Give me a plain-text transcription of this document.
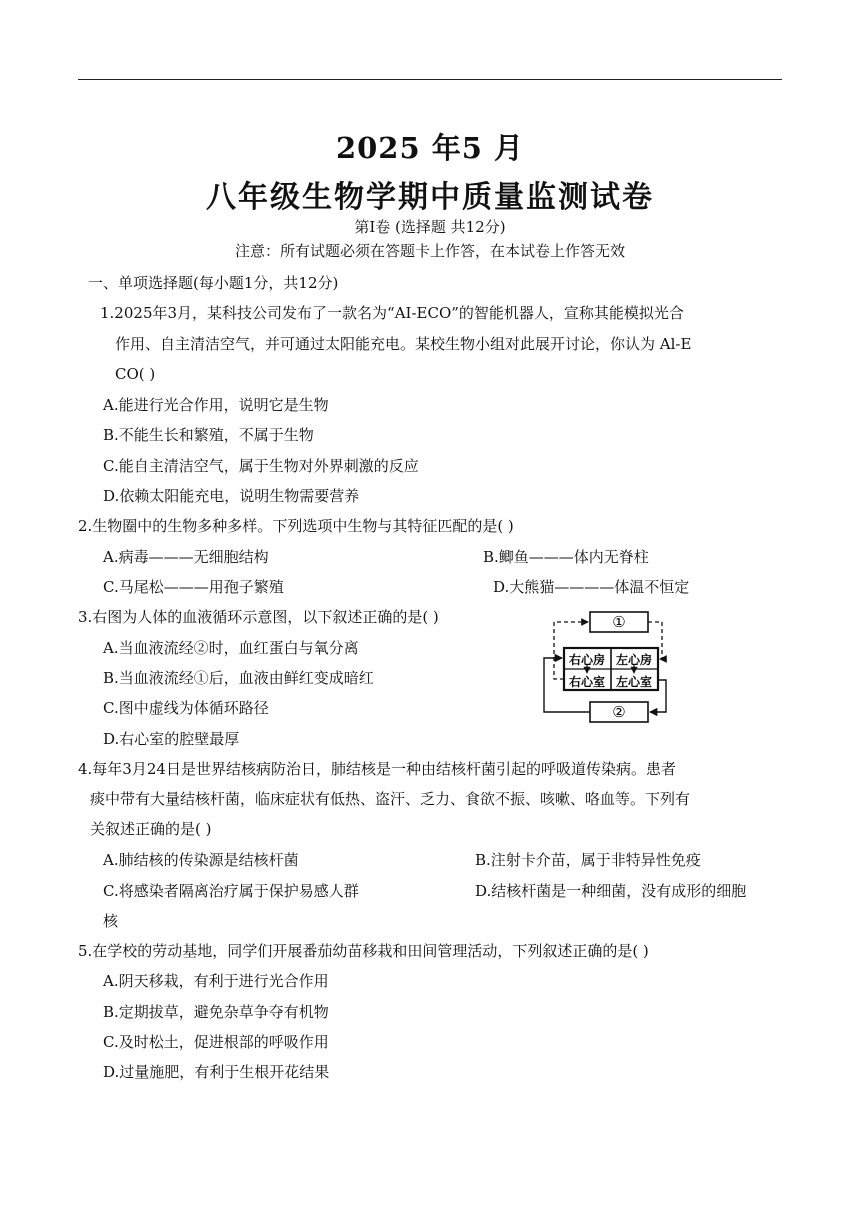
2025 年5 月
八年级生物学期中质量监测试卷
第Ⅰ卷 (选择题 共12分)
注意：所有试题必须在答题卡上作答，在本试卷上作答无效
一、单项选择题(每小题1分，共12分)
1.2025年3月，某科技公司发布了一款名为“AI-ECO”的智能机器人，宣称其能模拟光合
作用、自主清洁空气，并可通过太阳能充电。某校生物小组对此展开讨论，你认为 Al-E
CO( )
A.能进行光合作用，说明它是生物
B.不能生长和繁殖，不属于生物
C.能自主清洁空气，属于生物对外界刺激的反应
D.依赖太阳能充电，说明生物需要营养
2.生物圈中的生物多种多样。下列选项中生物与其特征匹配的是( )
A.病毒———无细胞结构	B.鲫鱼———体内无脊柱
C.马尾松———用孢子繁殖	D.大熊猫————体温不恒定
3.右图为人体的血液循环示意图，以下叙述正确的是( )
A.当血液流经②时，血红蛋白与氧分离
B.当血液流经①后，血液由鲜红变成暗红
C.图中虚线为体循环路径
D.右心室的腔壁最厚
①
右心房 左心房
右心室 左心室
②
4.每年3月24日是世界结核病防治日，肺结核是一种由结核杆菌引起的呼吸道传染病。患者
痰中带有大量结核杆菌，临床症状有低热、盗汗、乏力、食欲不振、咳嗽、咯血等。下列有
关叙述正确的是( )
A.肺结核的传染源是结核杆菌	B.注射卡介苗，属于非特异性免疫
C.将感染者隔离治疗属于保护易感人群	D.结核杆菌是一种细菌，没有成形的细胞
核
5.在学校的劳动基地，同学们开展番茄幼苗移栽和田间管理活动，下列叙述正确的是( )
A.阴天移栽，有利于进行光合作用
B.定期拔草，避免杂草争夺有机物
C.及时松土，促进根部的呼吸作用
D.过量施肥，有利于生根开花结果
